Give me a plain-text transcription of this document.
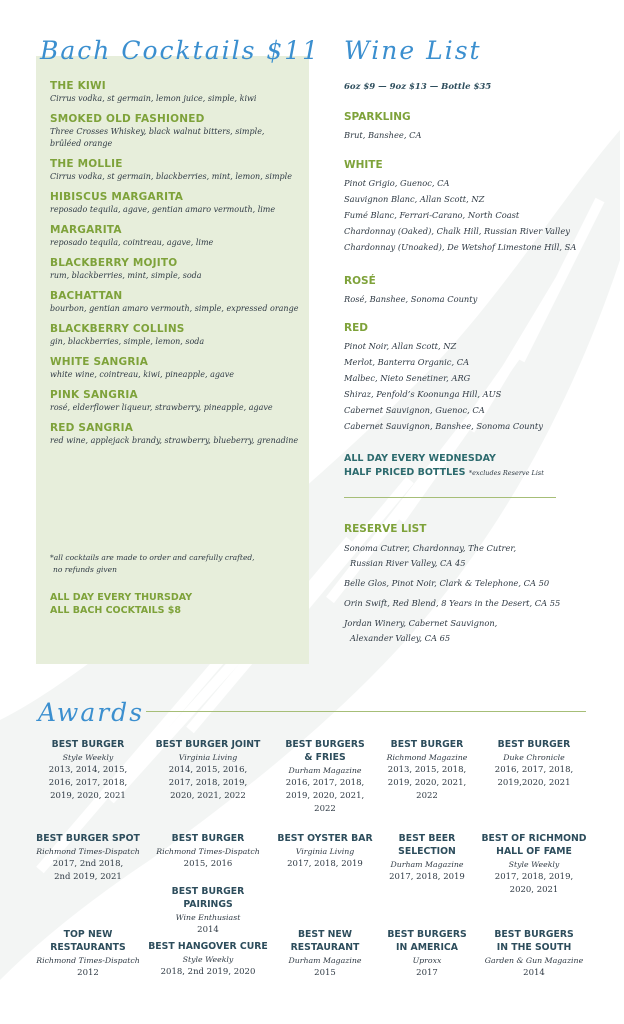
Bach Cocktails $11
THE KIWI
Cirrus vodka, st germain, lemon juice, simple, kiwi
SMOKED OLD FASHIONED
Three Crosses Whiskey, black walnut bitters, simple, brûléed orange
THE MOLLIE
Cirrus vodka, st germain, blackberries, mint, lemon, simple
HIBISCUS MARGARITA
reposado tequila, agave, gentian amaro vermouth, lime
MARGARITA
reposado tequila, cointreau, agave, lime
BLACKBERRY MOJITO
rum, blackberries, mint, simple, soda
BACHATTAN
bourbon, gentian amaro vermouth, simple, expressed orange
BLACKBERRY COLLINS
gin, blackberries, simple, lemon, soda
WHITE SANGRIA
white wine, cointreau, kiwi, pineapple, agave
PINK SANGRIA
rosé, elderflower liqueur, strawberry, pineapple, agave
RED SANGRIA
red wine, applejack brandy, strawberry, blueberry, grenadine
*all cocktails are made to order and carefully crafted,
no refunds given
ALL DAY EVERY THURSDAY
ALL BACH COCKTAILS $8
Wine List
6oz $9 — 9oz $13 — Bottle $35
SPARKLING
Brut, Banshee, CA
WHITE
Pinot Grigio, Guenoc, CA
Sauvignon Blanc, Allan Scott, NZ
Fumé Blanc, Ferrari-Carano, North Coast
Chardonnay (Oaked), Chalk Hill, Russian River Valley
Chardonnay (Unoaked), De Wetshof Limestone Hill, SA
ROSÉ
Rosé, Banshee, Sonoma County
RED
Pinot Noir, Allan Scott, NZ
Merlot, Banterra Organic, CA
Malbec, Nieto Senetiner, ARG
Shiraz, Penfold’s Koonunga Hill, AUS
Cabernet Sauvignon, Guenoc, CA
Cabernet Sauvignon, Banshee, Sonoma County
ALL DAY EVERY WEDNESDAY
HALF PRICED BOTTLES *excludes Reserve List
RESERVE LIST
Sonoma Cutrer, Chardonnay, The Cutrer,
Russian River Valley, CA 45
Belle Glos, Pinot Noir, Clark & Telephone, CA 50
Orin Swift, Red Blend, 8 Years in the Desert, CA 55
Jordan Winery, Cabernet Sauvignon,
Alexander Valley, CA 65
Awards
BEST BURGER
Style Weekly
2013, 2014, 2015,
2016, 2017, 2018,
2019, 2020, 2021
BEST BURGER JOINT
Virginia Living
2014, 2015, 2016,
2017, 2018, 2019,
2020, 2021, 2022
BEST BURGERS
& FRIES
Durham Magazine
2016, 2017, 2018,
2019, 2020, 2021,
2022
BEST BURGER
Richmond Magazine
2013, 2015, 2018,
2019, 2020, 2021,
2022
BEST BURGER
Duke Chronicle
2016, 2017, 2018,
2019,2020, 2021
BEST BURGER SPOT
Richmond Times-Dispatch
2017, 2nd 2018,
2nd 2019, 2021
BEST BURGER
Richmond Times-Dispatch
2015, 2016
BEST OYSTER BAR
Virginia Living
2017, 2018, 2019
BEST BEER
SELECTION
Durham Magazine
2017, 2018, 2019
BEST OF RICHMOND
HALL OF FAME
Style Weekly
2017, 2018, 2019,
2020, 2021
BEST BURGER PAIRINGS
Wine Enthusiast
2014
TOP NEW
RESTAURANTS
Richmond Times-Dispatch
2012
BEST HANGOVER CURE
Style Weekly
2018, 2nd 2019, 2020
BEST NEW
RESTAURANT
Durham Magazine
2015
BEST BURGERS
IN AMERICA
Uproxx
2017
BEST BURGERS
IN THE SOUTH
Garden & Gun Magazine
2014
